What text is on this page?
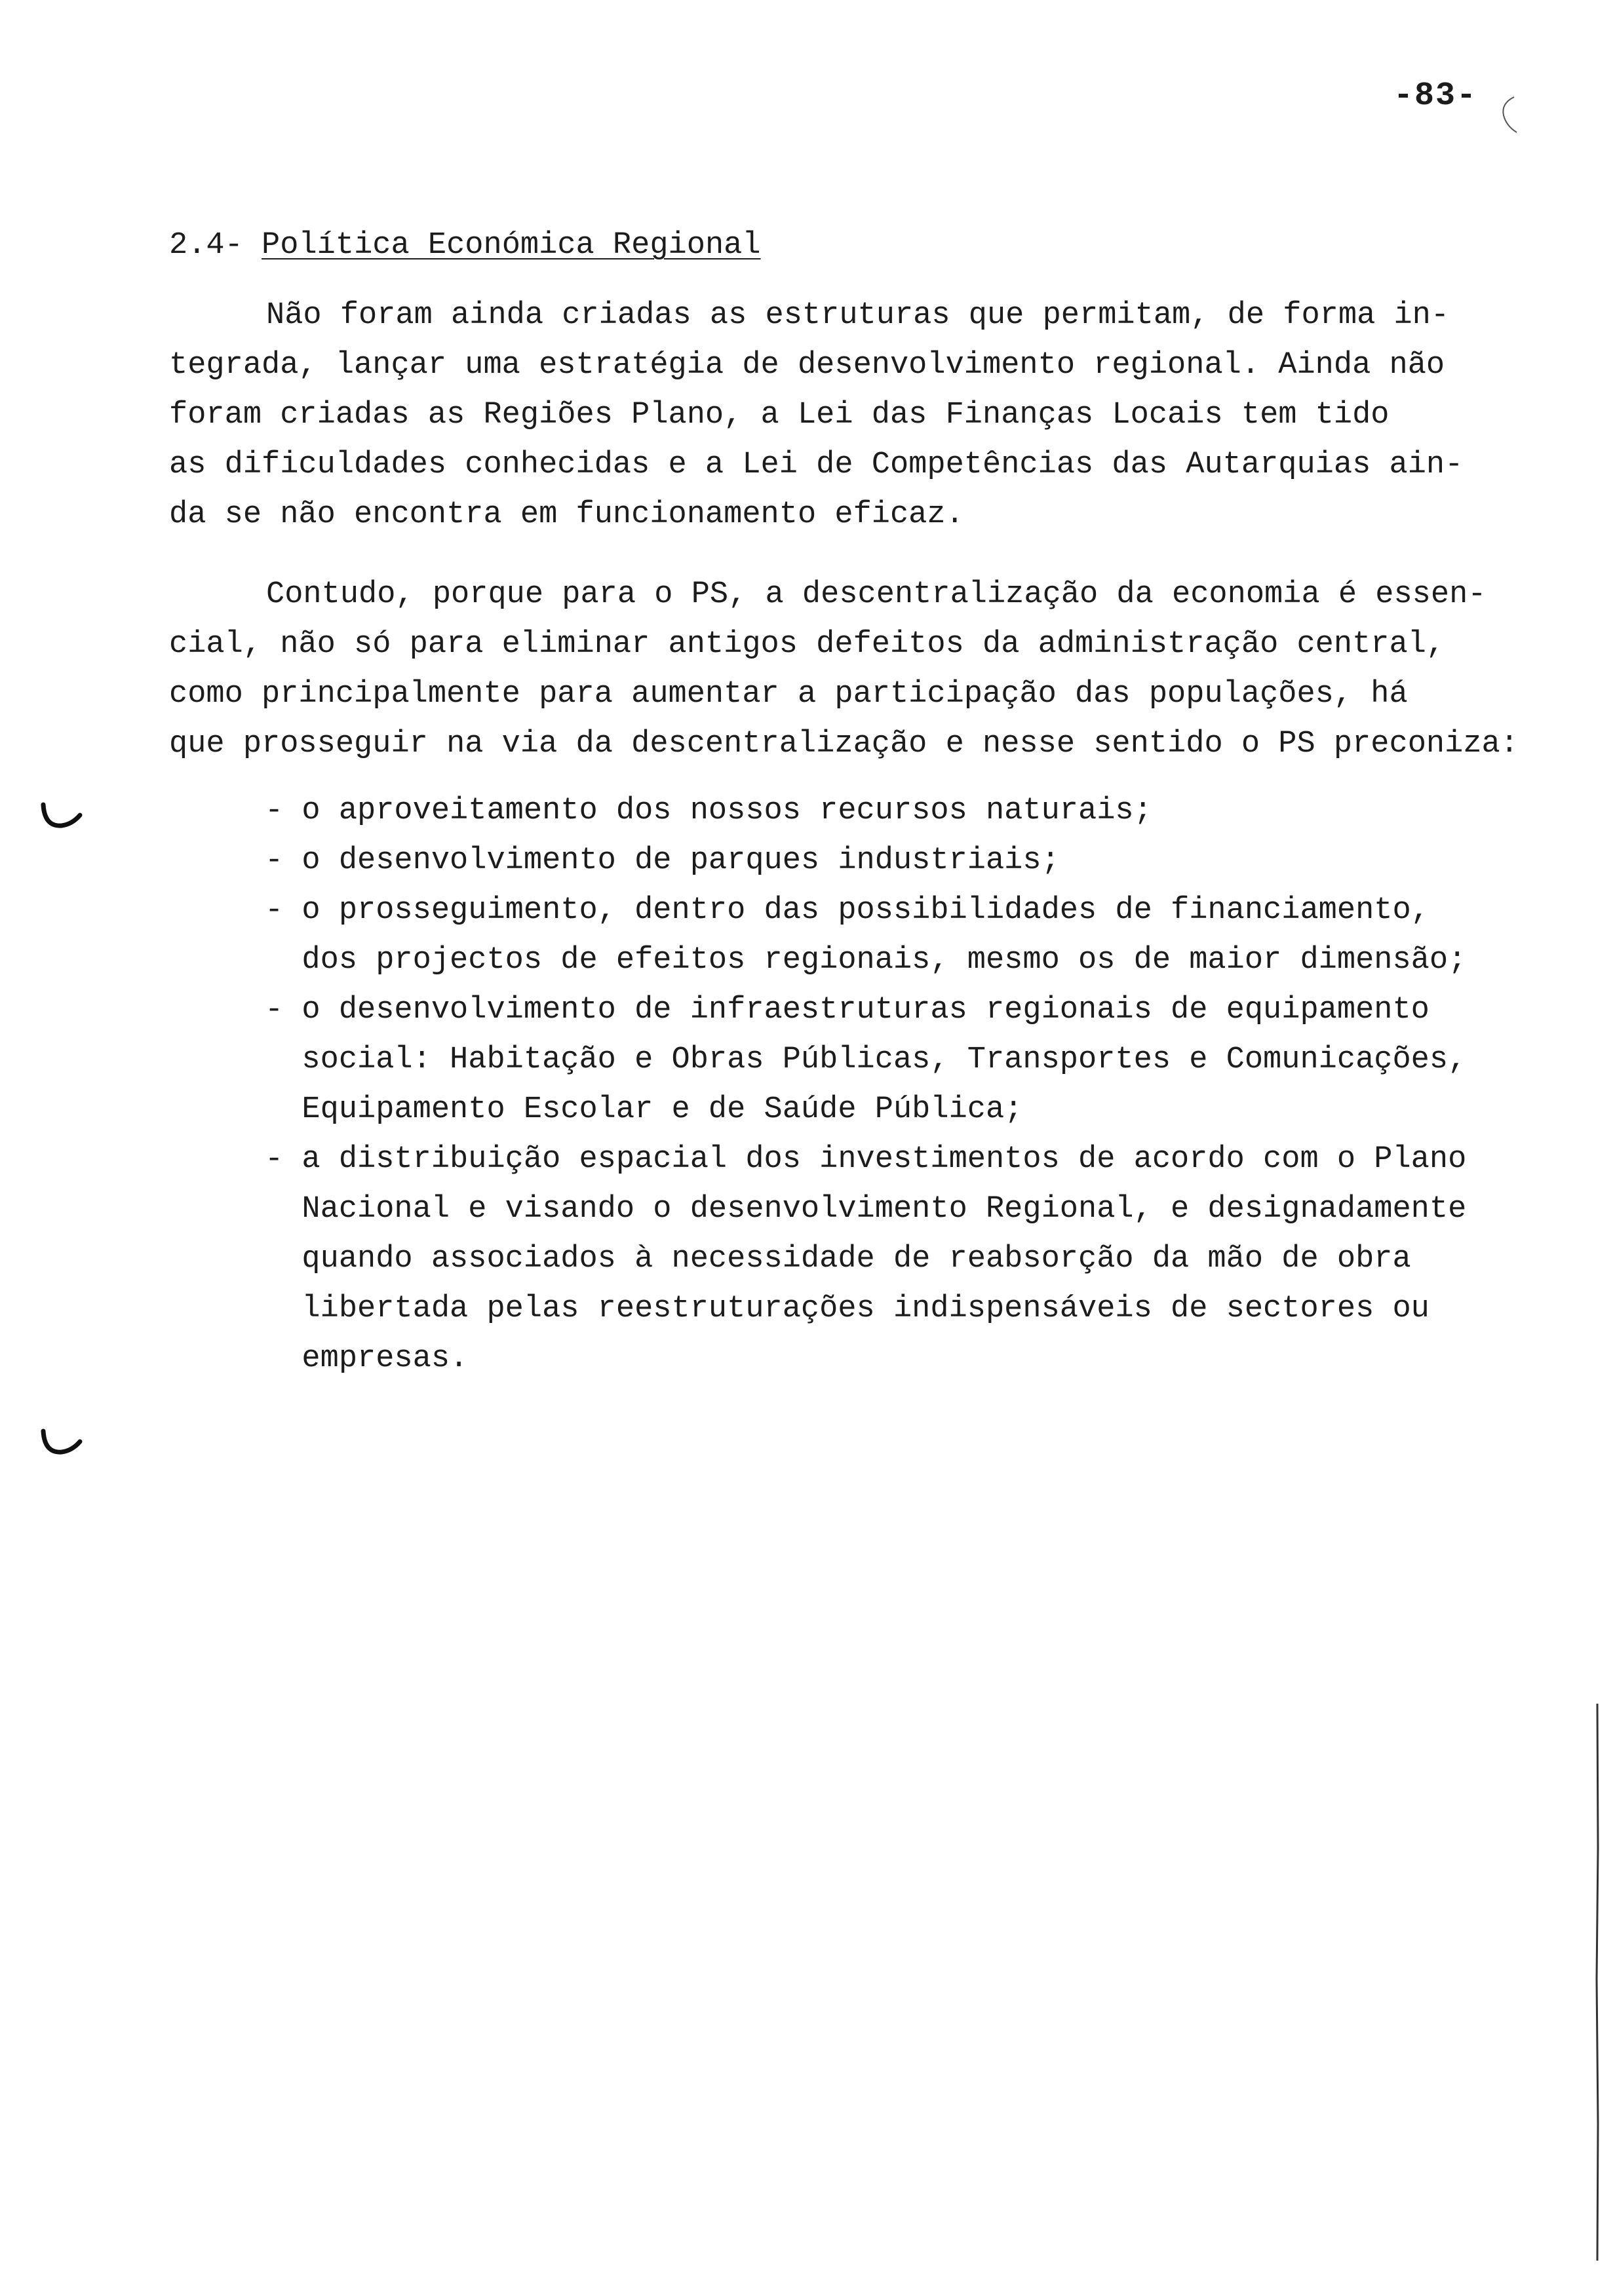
-83-
2.4- Política Económica Regional
Não foram ainda criadas as estruturas que permitam, de forma in-
tegrada, lançar uma estratégia de desenvolvimento regional. Ainda não
foram criadas as Regiões Plano, a Lei das Finanças Locais tem tido
as dificuldades conhecidas e a Lei de Competências das Autarquias ain-
da se não encontra em funcionamento eficaz.
Contudo, porque para o PS, a descentralização da economia é essen-
cial, não só para eliminar antigos defeitos da administração central,
como principalmente para aumentar a participação das populações, há
que prosseguir na via da descentralização e nesse sentido o PS preconiza:
- o aproveitamento dos nossos recursos naturais;
- o desenvolvimento de parques industriais;
- o prosseguimento, dentro das possibilidades de financiamento,
dos projectos de efeitos regionais, mesmo os de maior dimensão;
- o desenvolvimento de infraestruturas regionais de equipamento
social: Habitação e Obras Públicas, Transportes e Comunicações,
Equipamento Escolar e de Saúde Pública;
- a distribuição espacial dos investimentos de acordo com o Plano
Nacional e visando o desenvolvimento Regional, e designadamente
quando associados à necessidade de reabsorção da mão de obra
libertada pelas reestruturações indispensáveis de sectores ou
empresas.
